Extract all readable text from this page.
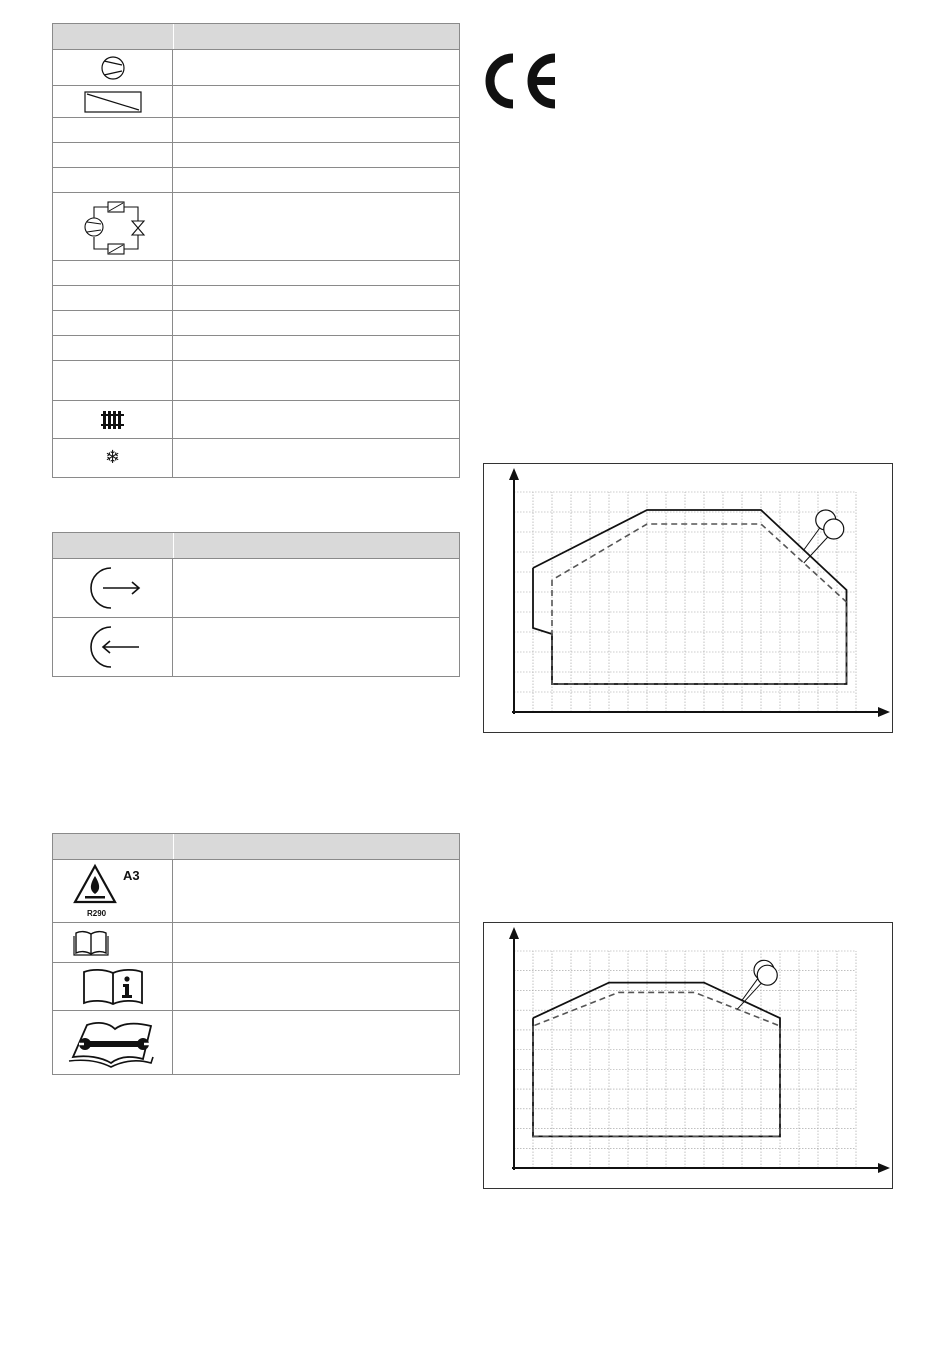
❄
A3
R290
